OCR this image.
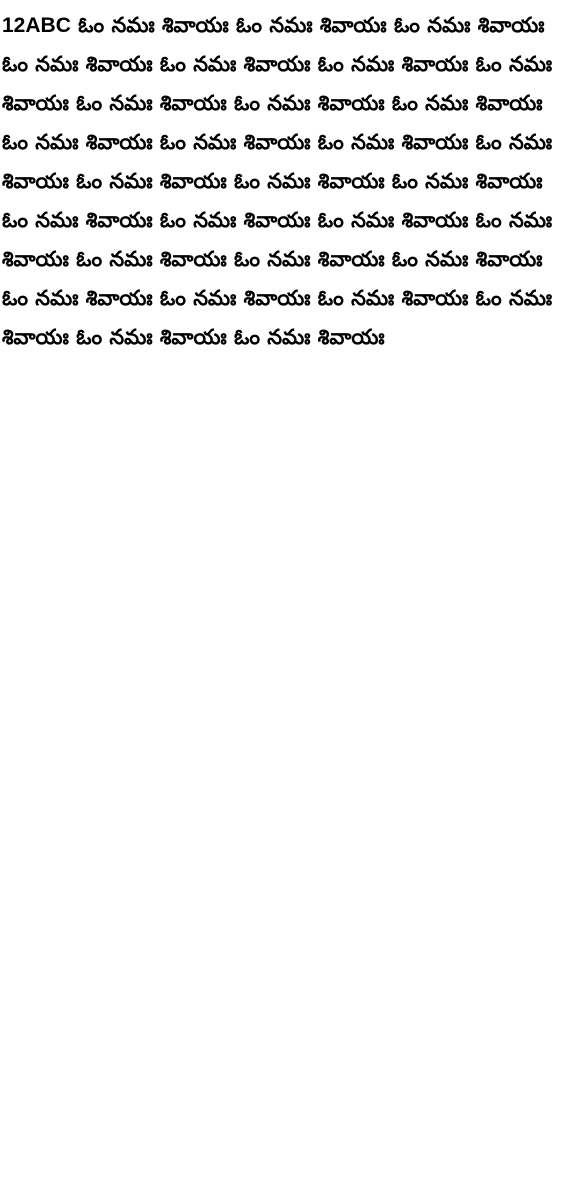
12ABC ఓం నమః శివాయః ఓం నమః శివాయః ఓం నమః శివాయః ఓం నమః శివాయః ఓం నమః శివాయః ఓం నమః శివాయః ఓం నమః శివాయః ఓం నమః శివాయః ఓం నమః శివాయః ఓం నమః శివాయః ఓం నమః శివాయః ఓం నమః శివాయః ఓం నమః శివాయః ఓం నమః శివాయః ఓం నమః శివాయః ఓం నమః శివాయః ఓం నమః శివాయః ఓం నమః శివాయః ఓం నమః శివాయః ఓం నమః శివాయః ఓం నమః శివాయః ఓం నమః శివాయః ఓం నమః శివాయః ఓం నమః శివాయః ఓం నమః శివాయః ఓం నమః శివాయః ఓం నమః శివాయః ఓం నమః శివాయః ఓం నమః శివాయః ఓం నమః శివాయః
